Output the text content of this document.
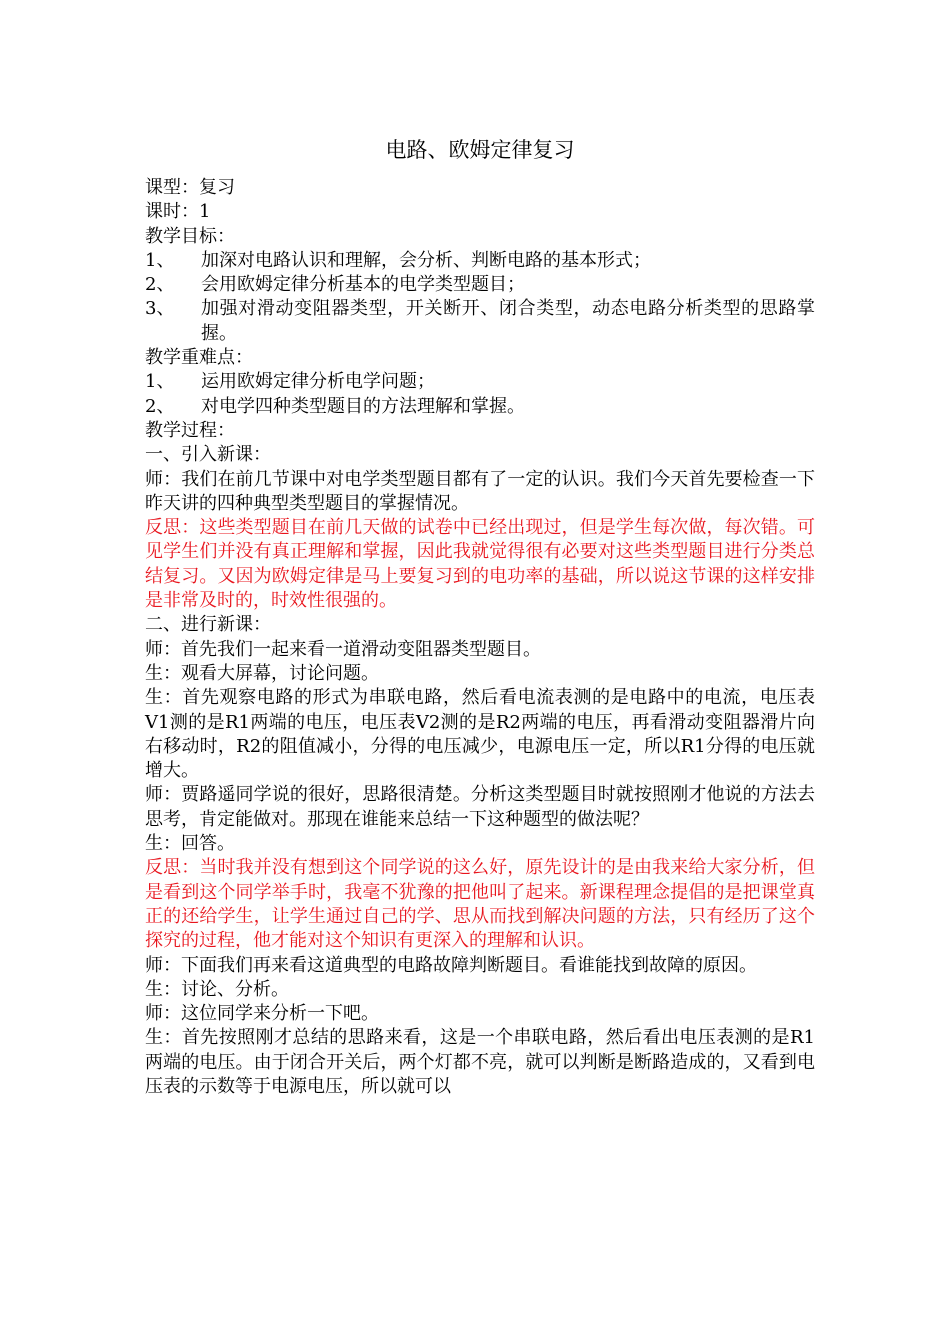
电路、欧姆定律复习
课型：复习
课时：1
教学目标：
1、	加深对电路认识和理解，会分析、判断电路的基本形式；
2、	会用欧姆定律分析基本的电学类型题目；
3、	加强对滑动变阻器类型，开关断开、闭合类型，动态电路分析类型的思路掌握。
教学重难点：
1、	运用欧姆定律分析电学问题；
2、	对电学四种类型题目的方法理解和掌握。
教学过程：
一、引入新课：
师：我们在前几节课中对电学类型题目都有了一定的认识。我们今天首先要检查一下昨天讲的四种典型类型题目的掌握情况。
反思：这些类型题目在前几天做的试卷中已经出现过，但是学生每次做，每次错。可见学生们并没有真正理解和掌握，因此我就觉得很有必要对这些类型题目进行分类总结复习。又因为欧姆定律是马上要复习到的电功率的基础，所以说这节课的这样安排是非常及时的，时效性很强的。
二、进行新课：
师：首先我们一起来看一道滑动变阻器类型题目。
生：观看大屏幕，讨论问题。
生：首先观察电路的形式为串联电路，然后看电流表测的是电路中的电流，电压表V1测的是R1两端的电压，电压表V2测的是R2两端的电压，再看滑动变阻器滑片向右移动时，R2的阻值减小，分得的电压减少，电源电压一定，所以R1分得的电压就增大。
师：贾路遥同学说的很好，思路很清楚。分析这类型题目时就按照刚才他说的方法去思考，肯定能做对。那现在谁能来总结一下这种题型的做法呢？
生：回答。
反思：当时我并没有想到这个同学说的这么好，原先设计的是由我来给大家分析，但是看到这个同学举手时，我毫不犹豫的把他叫了起来。新课程理念提倡的是把课堂真正的还给学生，让学生通过自己的学、思从而找到解决问题的方法，只有经历了这个探究的过程，他才能对这个知识有更深入的理解和认识。
师：下面我们再来看这道典型的电路故障判断题目。看谁能找到故障的原因。
生：讨论、分析。
师：这位同学来分析一下吧。
生：首先按照刚才总结的思路来看，这是一个串联电路，然后看出电压表测的是R1两端的电压。由于闭合开关后，两个灯都不亮，就可以判断是断路造成的，又看到电压表的示数等于电源电压，所以就可以
